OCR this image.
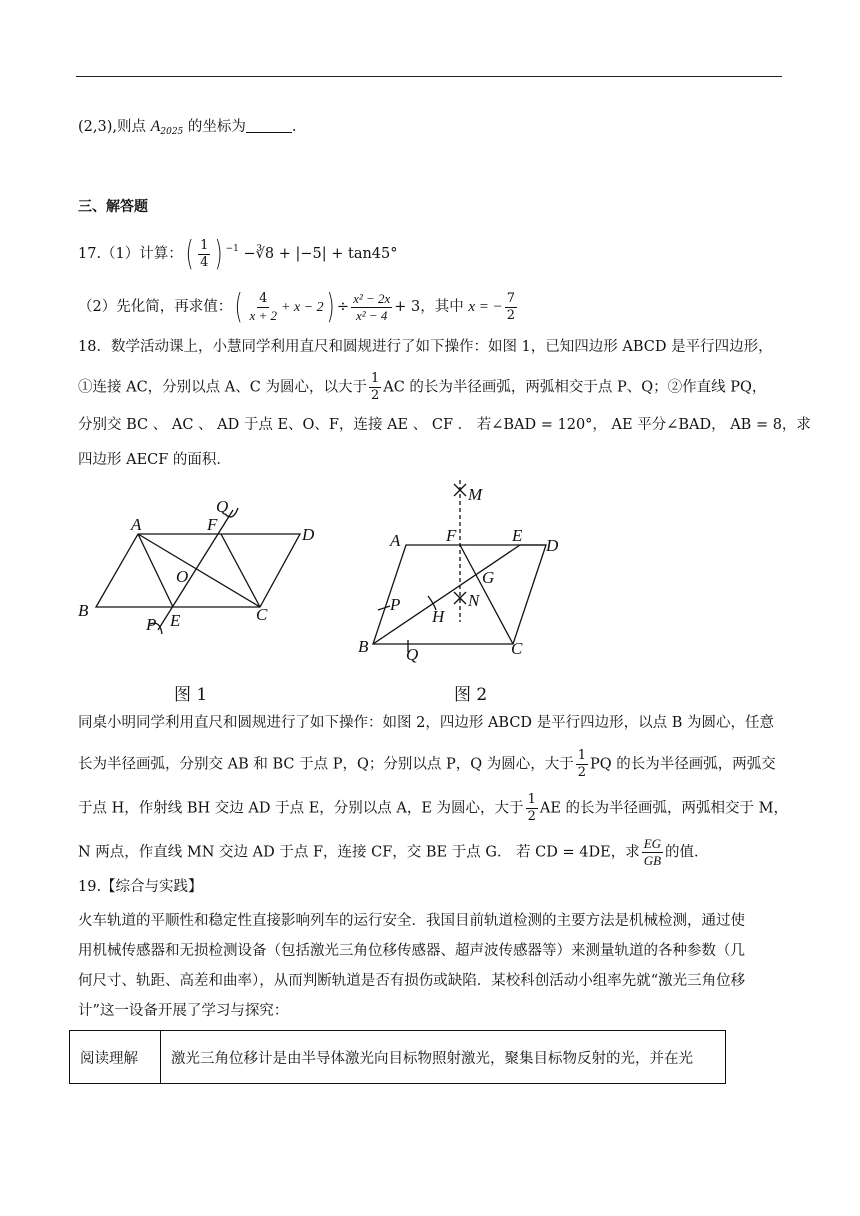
(2,3),则点 $A_{2025}$ 的坐标为	.
三、解答题
17.（1）计算：( $\frac{1}{4}$ ) $^{-1}$ −∛8 + |−5| + tan45°
（2）先化简，再求值：( $\frac{4}{x + 2} + x - 2) \div \frac{\text{x² − 2x}}{\text{x² − 4}} + 3$，其中 x = − $\frac{7}{2}$
18．数学活动课上，小慧同学利用直尺和圆规进行了如下操作：如图 1，已知四边形 ABCD 是平行四边形，
①连接 AC，分别以点 A、C 为圆心，以大于 $\frac{1}{2}$ AC 的长为半径画弧，两弧相交于点 P、Q；②作直线 PQ，
分别交 BC 、 AC 、 AD 于点 E、O、F，连接 AE 、 CF ． 若∠BAD = 120°， AE 平分∠BAD， AB = 8，求
四边形 AECF 的面积．
A	F
Q
D
O
B
P E	C
图 1
M
A	F	E
D
G
N
P
H
B Q	C
图 2
同桌小明同学利用直尺和圆规进行了如下操作：如图 2，四边形 ABCD 是平行四边形，以点 B 为圆心，任意
长为半径画弧，分别交 AB 和 BC 于点 P，Q；分别以点 P，Q 为圆心，大于 $\frac{1}{2}$ PQ 的长为半径画弧，两弧交
于点 H，作射线 BH 交边 AD 于点 E，分别以点 A，E 为圆心，大于 $\frac{1}{2}$ AE 的长为半径画弧，两弧相交于 M，
N 两点，作直线 MN 交边 AD 于点 F，连接 CF，交 BE 于点 G． 若 CD = 4DE，求 $\frac{EG}{GB}$ 的值．
19.【综合与实践】
火车轨道的平顺性和稳定性直接影响列车的运行安全．我国目前轨道检测的主要方法是机械检测，通过使
用机械传感器和无损检测设备（包括激光三角位移传感器、超声波传感器等）来测量轨道的各种参数（几
何尺寸、轨距、高差和曲率），从而判断轨道是否有损伤或缺陷．某校科创活动小组率先就“激光三角位移
计”这一设备开展了学习与探究：
阅读理解	激光三角位移计是由半导体激光向目标物照射激光，聚集目标物反射的光，并在光
